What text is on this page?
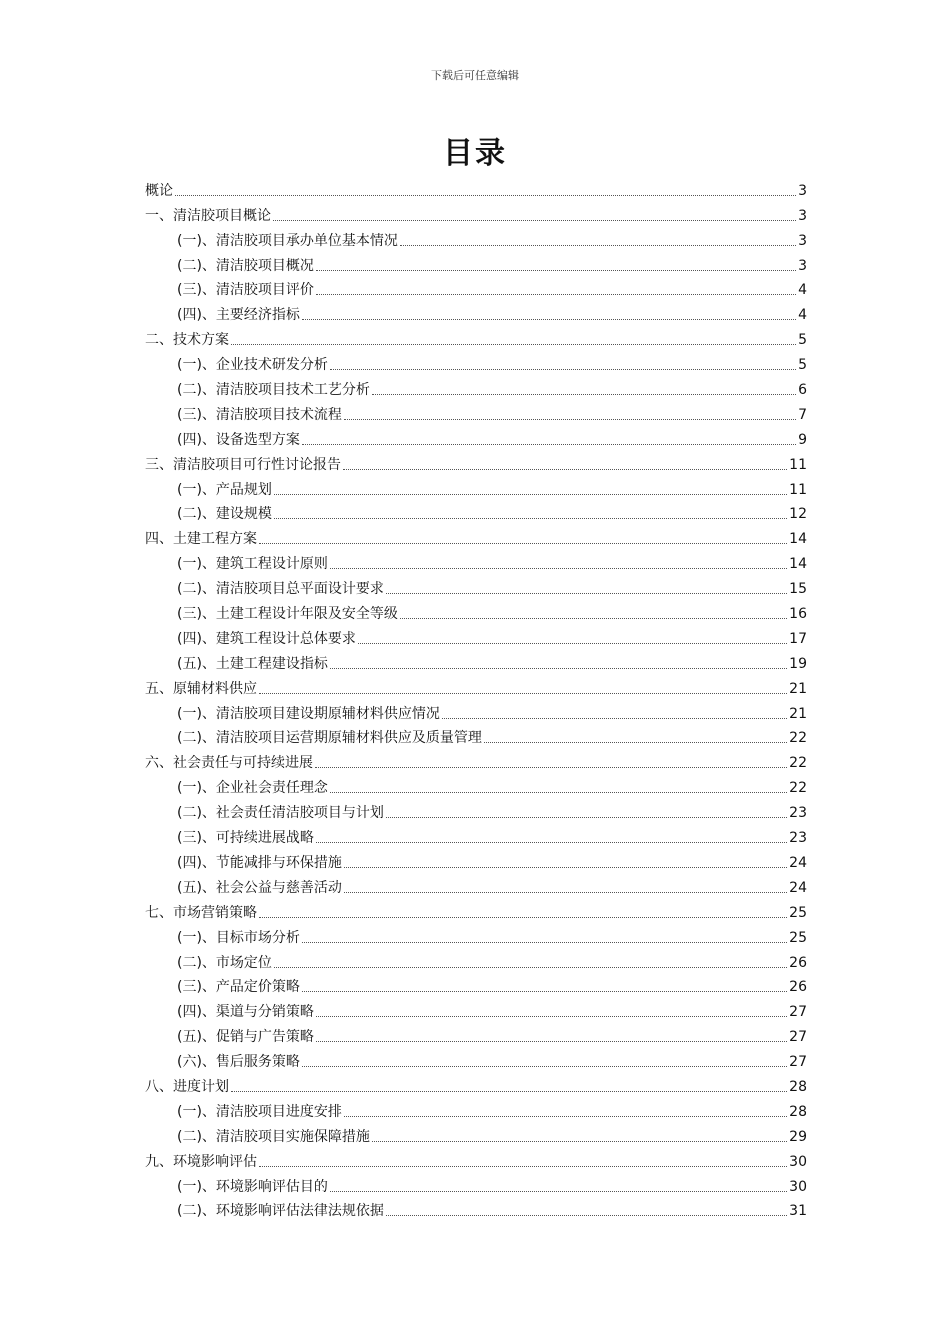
下载后可任意编辑
目录
概论	3
一、清洁胶项目概论	3
(一)、清洁胶项目承办单位基本情况	3
(二)、清洁胶项目概况	3
(三)、清洁胶项目评价	4
(四)、主要经济指标	4
二、技术方案	5
(一)、企业技术研发分析	5
(二)、清洁胶项目技术工艺分析	6
(三)、清洁胶项目技术流程	7
(四)、设备选型方案	9
三、清洁胶项目可行性讨论报告	11
(一)、产品规划	11
(二)、建设规模	12
四、土建工程方案	14
(一)、建筑工程设计原则	14
(二)、清洁胶项目总平面设计要求	15
(三)、土建工程设计年限及安全等级	16
(四)、建筑工程设计总体要求	17
(五)、土建工程建设指标	19
五、原辅材料供应	21
(一)、清洁胶项目建设期原辅材料供应情况	21
(二)、清洁胶项目运营期原辅材料供应及质量管理	22
六、社会责任与可持续进展	22
(一)、企业社会责任理念	22
(二)、社会责任清洁胶项目与计划	23
(三)、可持续进展战略	23
(四)、节能减排与环保措施	24
(五)、社会公益与慈善活动	24
七、市场营销策略	25
(一)、目标市场分析	25
(二)、市场定位	26
(三)、产品定价策略	26
(四)、渠道与分销策略	27
(五)、促销与广告策略	27
(六)、售后服务策略	27
八、进度计划	28
(一)、清洁胶项目进度安排	28
(二)、清洁胶项目实施保障措施	29
九、环境影响评估	30
(一)、环境影响评估目的	30
(二)、环境影响评估法律法规依据	31
